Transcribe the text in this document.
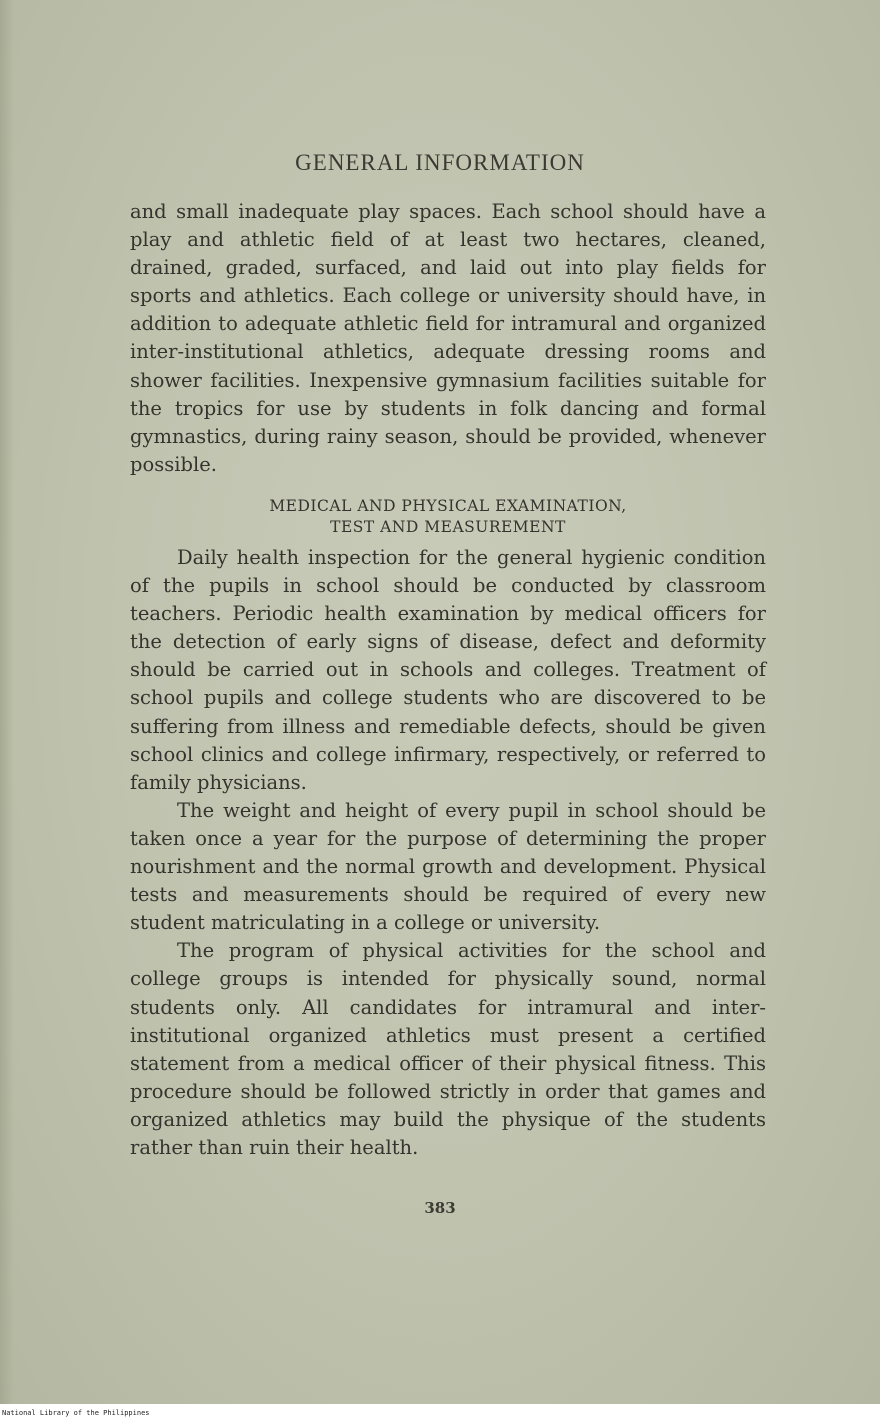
GENERAL INFORMATION

and small inadequate play spaces. Each school should have a play and athletic field of at least two hectares, cleaned, drained, graded, surfaced, and laid out into play fields for sports and athletics. Each college or university should have, in addition to adequate athletic field for intramural and organized inter-institutional athletics, adequate dressing rooms and shower facilities. Inexpensive gymnasium facilities suitable for the tropics for use by students in folk dancing and formal gymnastics, during rainy season, should be provided, whenever possible.

MEDICAL AND PHYSICAL EXAMINATION,
TEST AND MEASUREMENT

Daily health inspection for the general hygienic condition of the pupils in school should be conducted by classroom teachers. Periodic health examination by medical officers for the detection of early signs of disease, defect and deformity should be carried out in schools and colleges. Treatment of school pupils and college students who are discovered to be suffering from illness and remediable defects, should be given school clinics and college infirmary, respectively, or referred to family physicians.

The weight and height of every pupil in school should be taken once a year for the purpose of determining the proper nourishment and the normal growth and development. Physical tests and measurements should be required of every new student matriculating in a college or university.

The program of physical activities for the school and college groups is intended for physically sound, normal students only. All candidates for intramural and inter-institutional organized athletics must present a certified statement from a medical officer of their physical fitness. This procedure should be followed strictly in order that games and organized athletics may build the physique of the students rather than ruin their health.

383
National Library of the Philippines
